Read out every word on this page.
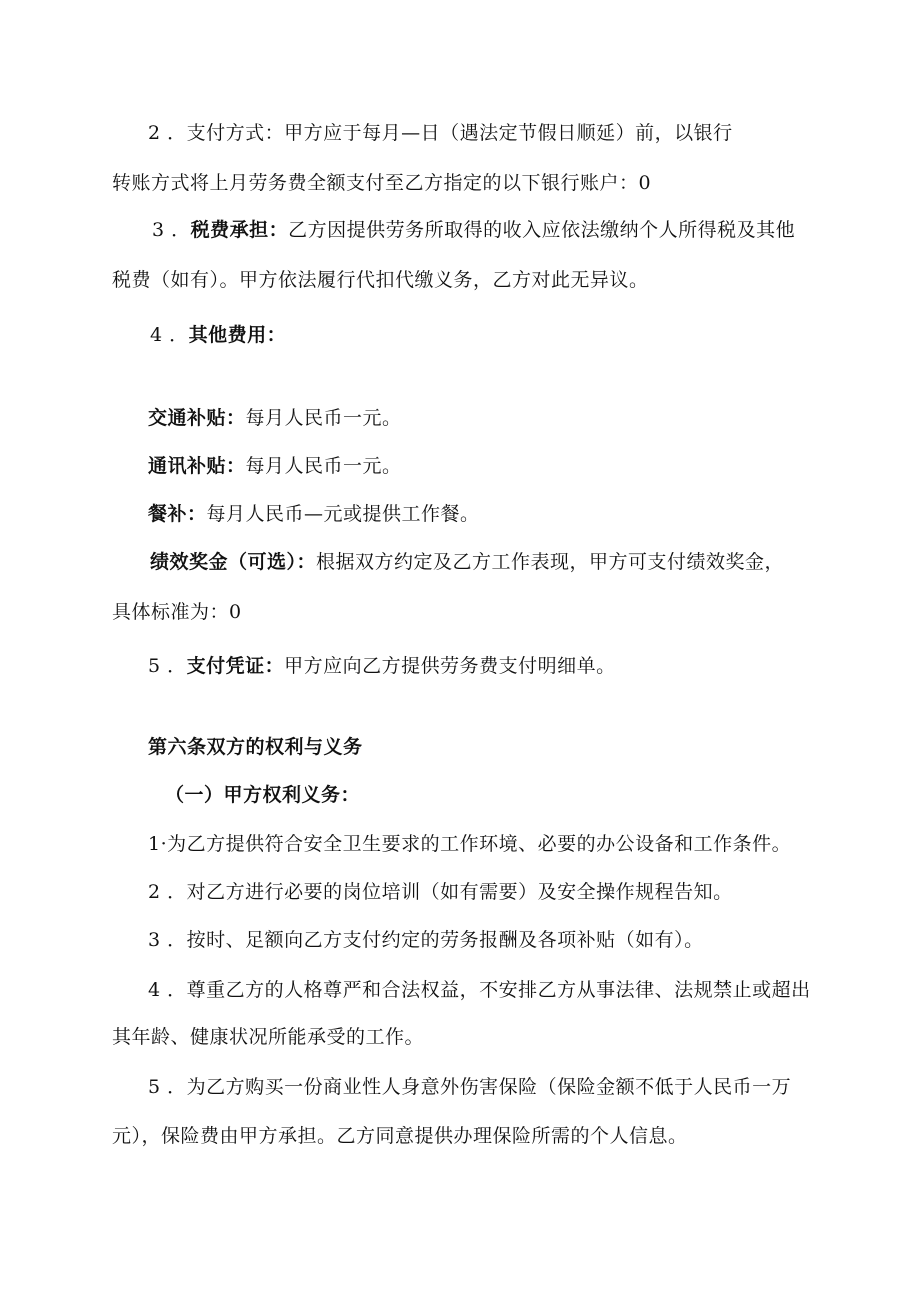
2 ．支付方式：甲方应于每月—日（遇法定节假日顺延）前，以银行
转账方式将上月劳务费全额支付至乙方指定的以下银行账户：0
3 ．税费承担：乙方因提供劳务所取得的收入应依法缴纳个人所得税及其他
税费（如有）。甲方依法履行代扣代缴义务，乙方对此无异议。
4 ．其他费用：
交通补贴：每月人民币一元。
通讯补贴：每月人民币一元。
餐补：每月人民币—元或提供工作餐。
绩效奖金（可选）：根据双方约定及乙方工作表现，甲方可支付绩效奖金，
具体标准为：0
5 ．支付凭证：甲方应向乙方提供劳务费支付明细单。
第六条双方的权利与义务
（一）甲方权利义务：
1·为乙方提供符合安全卫生要求的工作环境、必要的办公设备和工作条件。
2 ．对乙方进行必要的岗位培训（如有需要）及安全操作规程告知。
3 ．按时、足额向乙方支付约定的劳务报酬及各项补贴（如有）。
4 ．尊重乙方的人格尊严和合法权益，不安排乙方从事法律、法规禁止或超出
其年龄、健康状况所能承受的工作。
5 ．为乙方购买一份商业性人身意外伤害保险（保险金额不低于人民币一万
元），保险费由甲方承担。乙方同意提供办理保险所需的个人信息。
